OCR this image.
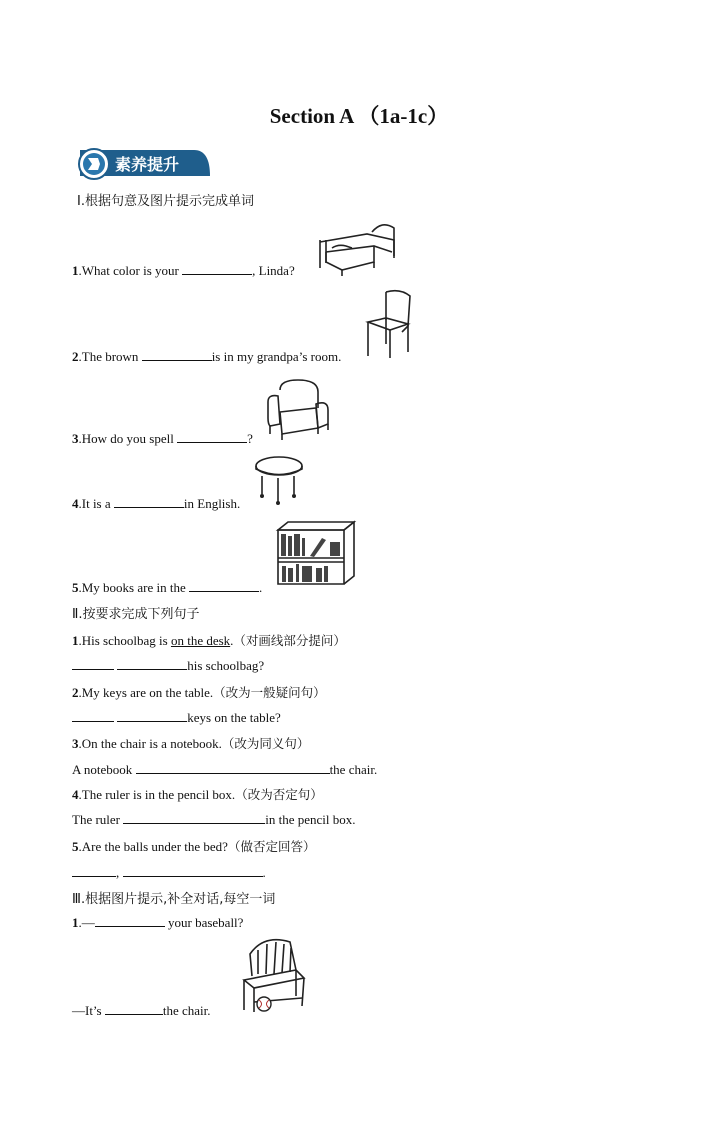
Section A （1a-1c）
素养提升
Ⅰ.根据句意及图片提示完成单词
1.What color is your	, Linda?
2.The brown	is in my grandpa’s room.
3.How do you spell	?
4.It is a	in English.
5.My books are in the	.
Ⅱ.按要求完成下列句子
1.His schoolbag is on the desk.（对画线部分提问）
his schoolbag?
2.My keys are on the table.（改为一般疑问句）
keys on the table?
3.On the chair is a notebook.（改为同义句）
A notebook	the chair.
4.The ruler is in the pencil box.（改为否定句）
The ruler	in the pencil box.
5.Are the balls under the bed?（做否定回答）
,	.
Ⅲ.根据图片提示,补全对话,每空一词
1.—	your baseball?
—It’s	the chair.
